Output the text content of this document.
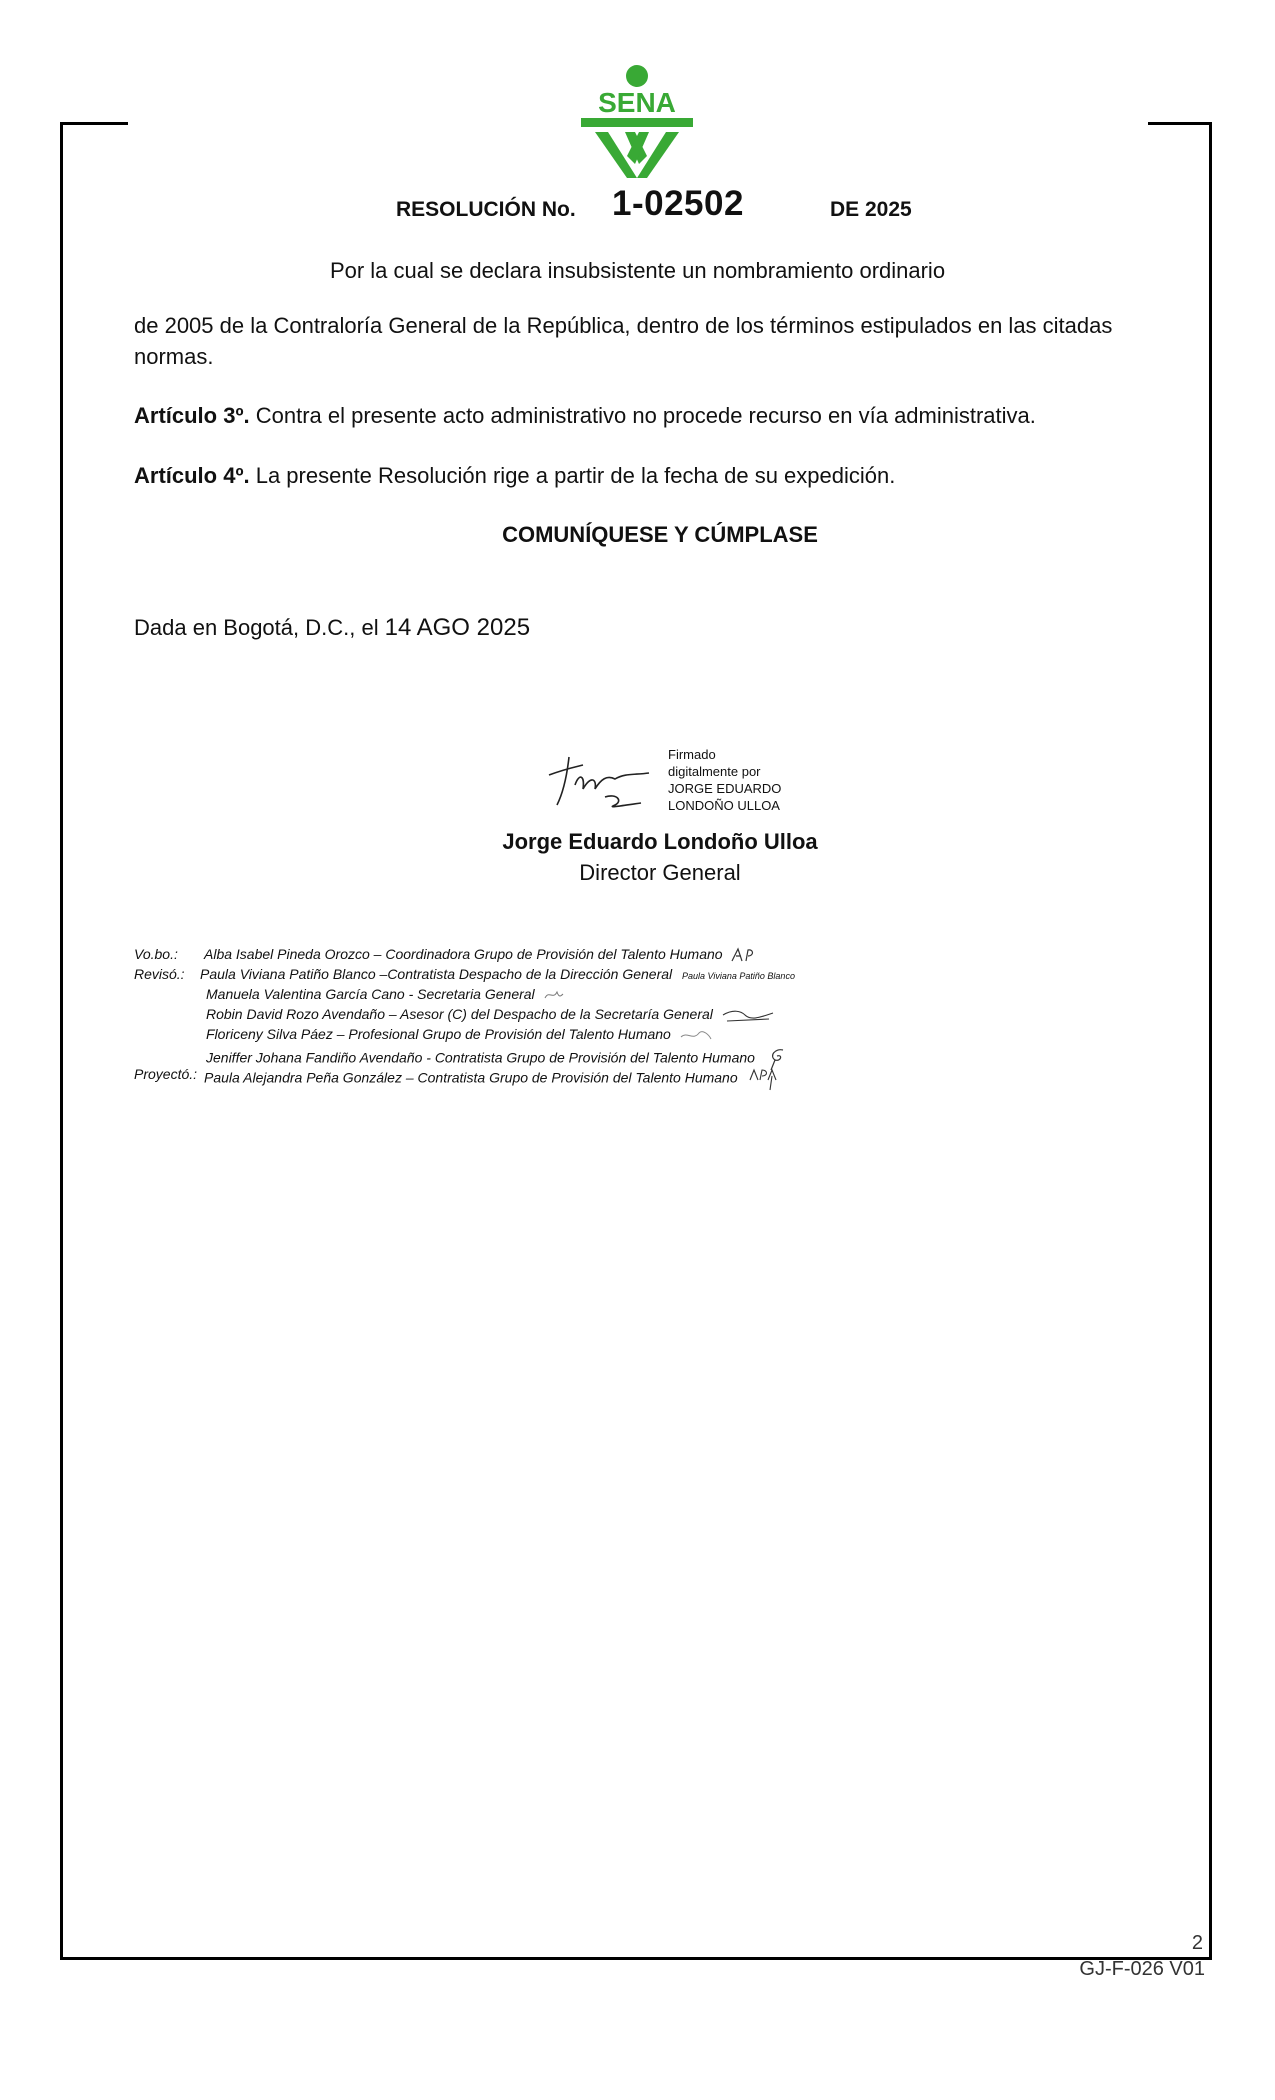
SENA
RESOLUCIÓN No. 1-02502	DE 2025
Por la cual se declara insubsistente un nombramiento ordinario
de 2005 de la Contraloría General de la República, dentro de los términos estipulados en las citadas normas.
Artículo 3º. Contra el presente acto administrativo no procede recurso en vía administrativa.
Artículo 4º. La presente Resolución rige a partir de la fecha de su expedición.
COMUNÍQUESE Y CÚMPLASE
Dada en Bogotá, D.C., el 14 AGO 2025
Firmado
digitalmente por
JORGE EDUARDO
LONDOÑO ULLOA
Jorge Eduardo Londoño Ulloa
Director General
Vo.bo.: Alba Isabel Pineda Orozco – Coordinadora Grupo de Provisión del Talento Humano
Revisó.: Paula Viviana Patiño Blanco –Contratista Despacho de la Dirección General Paula Viviana Patiño Blanco
Manuela Valentina García Cano - Secretaria General
Robin David Rozo Avendaño – Asesor (C) del Despacho de la Secretaría General
Floriceny Silva Páez – Profesional Grupo de Provisión del Talento Humano
Jeniffer Johana Fandiño Avendaño - Contratista Grupo de Provisión del Talento Humano
Proyectó.: Paula Alejandra Peña González – Contratista Grupo de Provisión del Talento Humano
2
GJ-F-026 V01
